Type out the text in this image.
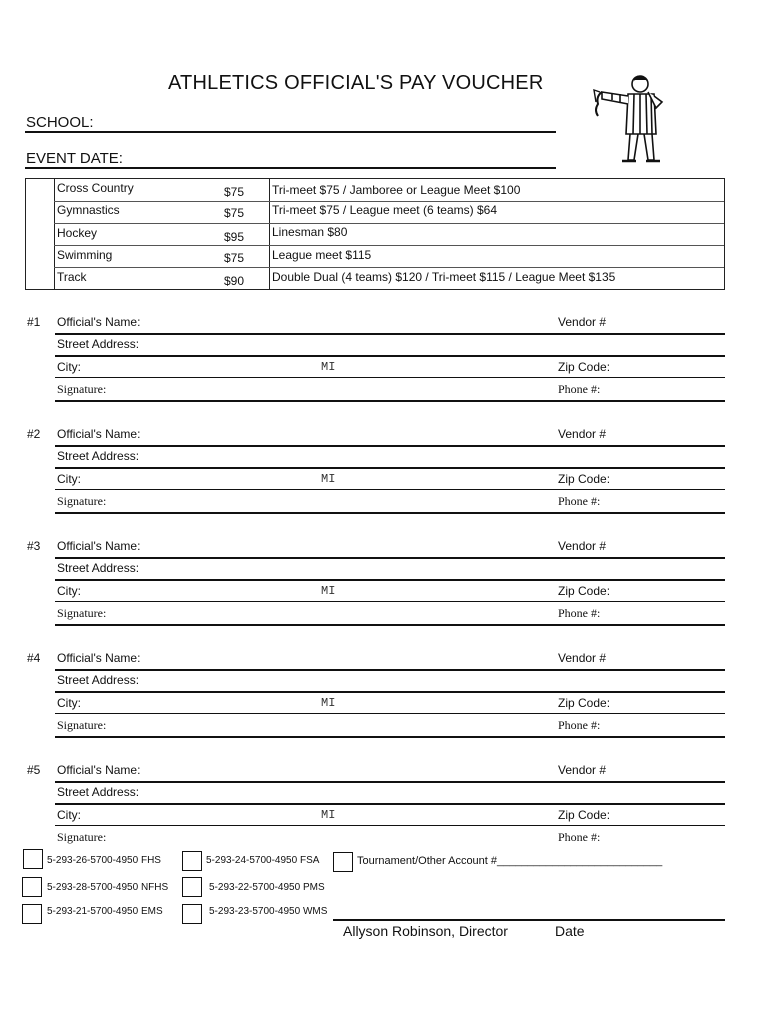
ATHLETICS OFFICIAL'S PAY VOUCHER
SCHOOL:
EVENT DATE:
Cross Country	$75 Tri-meet $75 / Jamboree or League Meet $100
Gymnastics	$75 Tri-meet $75 / League meet (6 teams) $64
Hockey	$95 Linesman $80
Swimming	$75 League meet $115
Track	$90 Double Dual (4 teams) $120 / Tri-meet $115 / League Meet $135
#1 Official's Name:	Vendor #
Street Address:
City:	MI	Zip Code:
Signature:	Phone #:
#2 Official's Name:	Vendor #
Street Address:
City:	MI	Zip Code:
Signature:	Phone #:
#3 Official's Name:	Vendor #
Street Address:
City:	MI	Zip Code:
Signature:	Phone #:
#4 Official's Name:	Vendor #
Street Address:
City:	MI	Zip Code:
Signature:	Phone #:
#5 Official's Name:	Vendor #
Street Address:
City:	MI	Zip Code:
Signature:	Phone #:
5-293-26-5700-4950 FHS	5-293-24-5700-4950 FSA	Tournament/Other Account #___________________________
5-293-28-5700-4950 NFHS	5-293-22-5700-4950 PMS
5-293-21-5700-4950 EMS	5-293-23-5700-4950 WMS
Allyson Robinson, Director	Date
